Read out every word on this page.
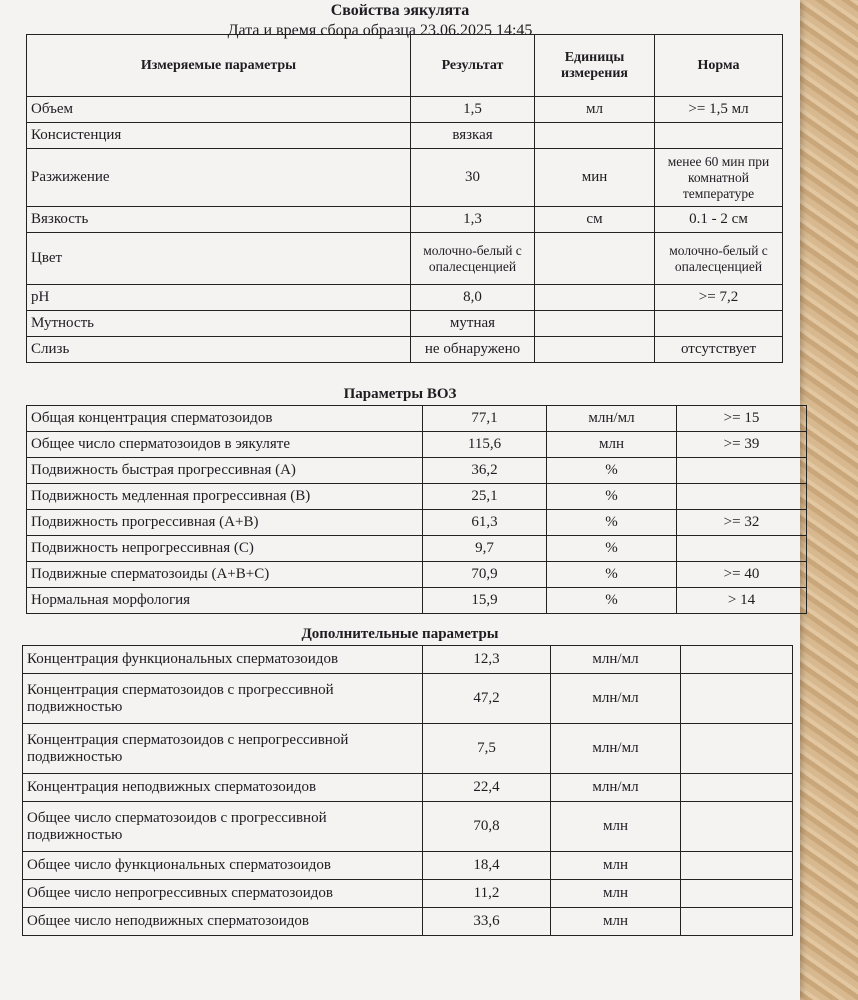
Свойства эякулята
Дата и время сбора образца 23.06.2025 14:45
Измеряемые параметры	Результат	Единицы измерения	Норма
Объем	1,5	мл	>= 1,5 мл
Консистенция	вязкая		
Разжижение	30	мин	менее 60 мин при комнатной температуре
Вязкость	1,3	см	0.1 - 2 см
Цвет	молочно-белый с опалесценцией		молочно-белый с опалесценцией
pH	8,0		>= 7,2
Мутность	мутная		
Слизь	не обнаружено		отсутствует
Параметры ВОЗ
Общая концентрация сперматозоидов	77,1	млн/мл	>= 15
Общее число сперматозоидов в эякуляте	115,6	млн	>= 39
Подвижность быстрая прогрессивная (A)	36,2	%	
Подвижность медленная прогрессивная (B)	25,1	%	
Подвижность прогрессивная (A+B)	61,3	%	>= 32
Подвижность непрогрессивная (C)	9,7	%	
Подвижные сперматозоиды (A+B+C)	70,9	%	>= 40
Нормальная морфология	15,9	%	> 14
Дополнительные параметры
Концентрация функциональных сперматозоидов	12,3	млн/мл	
Концентрация сперматозоидов с прогрессивной подвижностью	47,2	млн/мл	
Концентрация сперматозоидов с непрогрессивной подвижностью	7,5	млн/мл	
Концентрация неподвижных сперматозоидов	22,4	млн/мл	
Общее число сперматозоидов с прогрессивной подвижностью	70,8	млн	
Общее число функциональных сперматозоидов	18,4	млн	
Общее число непрогрессивных сперматозоидов	11,2	млн	
Общее число неподвижных сперматозоидов	33,6	млн	
